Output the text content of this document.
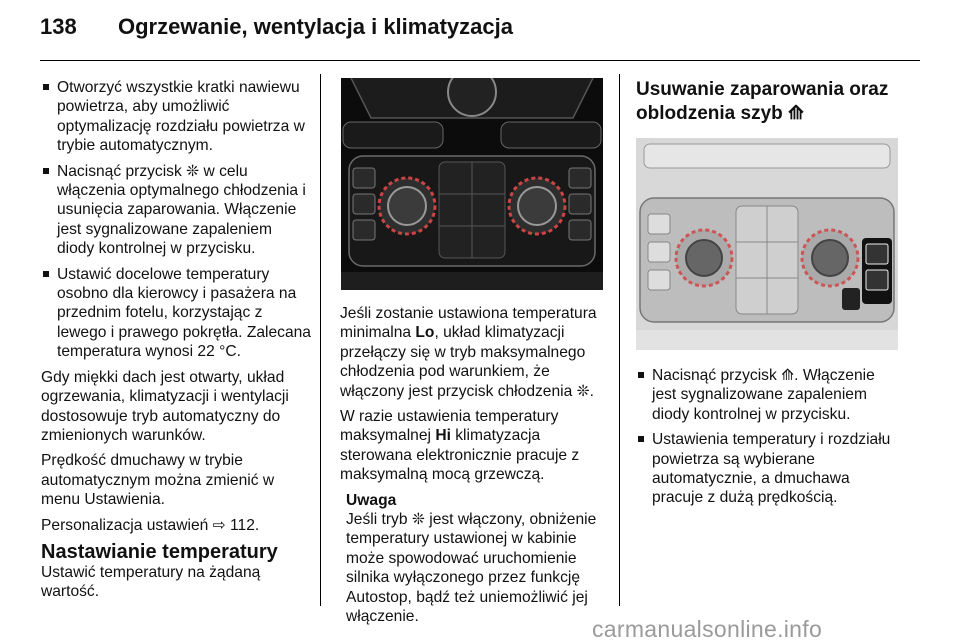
138 Ogrzewanie, wentylacja i klimatyzacja
Otworzyć wszystkie kratki nawiewu powietrza, aby umożliwić optymalizację rozdziału powietrza w trybie automatycznym.
Nacisnąć przycisk ❊ w celu włączenia optymalnego chłodzenia i usunięcia zaparowania. Włączenie jest sygnalizowane zapaleniem diody kontrolnej w przycisku.
Ustawić docelowe temperatury osobno dla kierowcy i pasażera na przednim fotelu, korzystając z lewego i prawego pokrętła. Zalecana temperatura wynosi 22 °C.

Gdy miękki dach jest otwarty, układ ogrzewania, klimatyzacji i wentylacji dostosowuje tryb automatyczny do zmienionych warunków.

Prędkość dmuchawy w trybie automatycznym można zmienić w menu Ustawienia.

Personalizacja ustawień ⇨ 112.

Nastawianie temperatury

Ustawić temperatury na żądaną wartość.

Jeśli zostanie ustawiona temperatura minimalna Lo, układ klimatyzacji przełączy się w tryb maksymalnego chłodzenia pod warunkiem, że włączony jest przycisk chłodzenia ❊.

W razie ustawienia temperatury maksymalnej Hi klimatyzacja sterowana elektronicznie pracuje z maksymalną mocą grzewczą.

Uwaga
Jeśli tryb ❊ jest włączony, obniżenie temperatury ustawionej w kabinie może spowodować uruchomienie silnika wyłączonego przez funkcję Autostop, bądź też uniemożliwić jej włączenie.
Usuwanie zaparowania oraz oblodzenia szyb ⟰
Nacisnąć przycisk ⟰. Włączenie jest sygnalizowane zapaleniem diody kontrolnej w przycisku.
Ustawienia temperatury i rozdziału powietrza są wybierane automatycznie, a dmuchawa pracuje z dużą prędkością.
carmanualsonline.info
